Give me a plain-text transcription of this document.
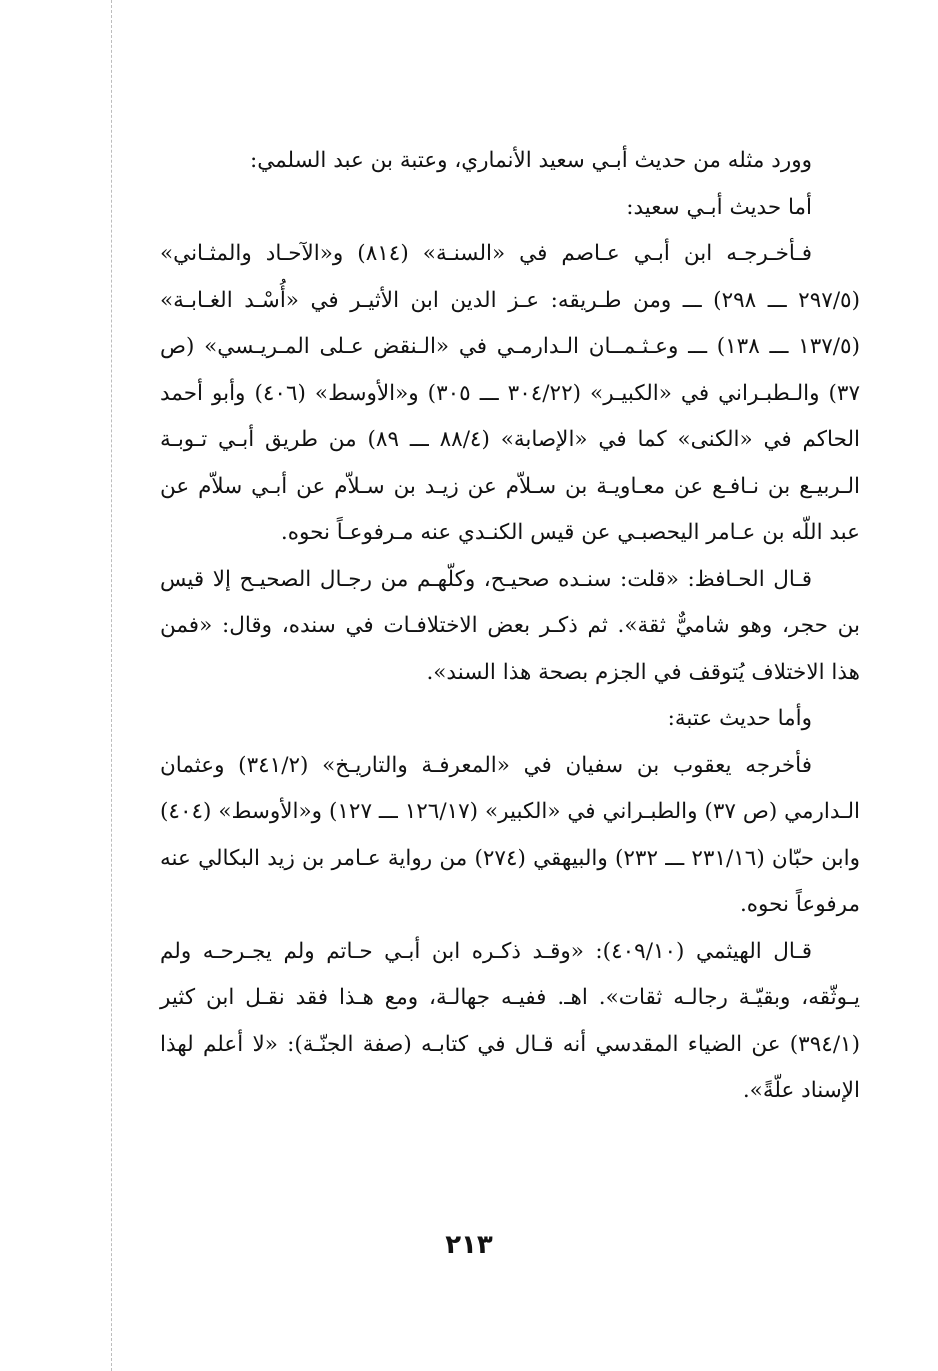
وورد مثله من حديث أبـي سعيد الأنماري، وعتبة بن عبد السلمي:

أما حديث أبـي سعيد:

فـأخـرجـه ابن أبـي عـاصم في «السنـة» (٨١٤) و«الآحـاد والمثـاني» (٢٩٧/٥ ـــ ٢٩٨) ـــ ومن طـريقه: عـز الدين ابن الأثيـر في «أُسْـد الغـابـة» (١٣٧/٥ ـــ ١٣٨) ـــ وعـثـمــان الـدارمـي في «الـنقض عـلى المـريـسي» (ص ٣٧) والـطبـراني في «الكبيـر» (٣٠٤/٢٢ ـــ ٣٠٥) و«الأوسط» (٤٠٦) وأبو أحمد الحاكم في «الكنى» كما في «الإصابة» (٨٨/٤ ـــ ٨٩) من طريق أبـي تـوبـة الـربيـع بن نـافـع عن معـاويـة بن سـلاّم عن زيـد بن سـلاّم عن أبـي سلاّم عن عبد اللّه بن عـامر اليحصبـي عن قيس الكنـدي عنه مـرفوعـاً نحوه.

قـال الحـافظ: «قلت: سنـده صحيـح، وكلّهـم من رجـال الصحيـح إلا قيس بن حجر، وهو شاميٌّ ثقة». ثم ذكـر بعض الاختلافـات في سنده، وقال: «فمن هذا الاختلاف يُتوقف في الجزم بصحة هذا السند».

وأما حديث عتبة:

فأخرجه يعقوب بن سفيان في «المعرفـة والتاريـخ» (٣٤١/٢) وعثمان الـدارمي (ص ٣٧) والطبـراني في «الكبير» (١٢٦/١٧ ـــ ١٢٧) و«الأوسط» (٤٠٤) وابن حبّان (٢٣١/١٦ ـــ ٢٣٢) والبيهقي (٢٧٤) من رواية عـامر بن زيد البكالي عنه مرفوعاً نحوه.

قـال الهيثمي (٤٠٩/١٠): «وقـد ذكـره ابن أبـي حـاتم ولم يجـرحـه ولم يـوثّقه، وبقيّـة رجالـه ثقات». اهـ. ففيـه جهالـة، ومع هـذا فقد نقـل ابن كثير (٣٩٤/١) عن الضياء المقدسي أنه قـال في كتابـه (صفة الجنّـة): «لا أعلم لهذا الإسناد علّةً».

٢١٣
